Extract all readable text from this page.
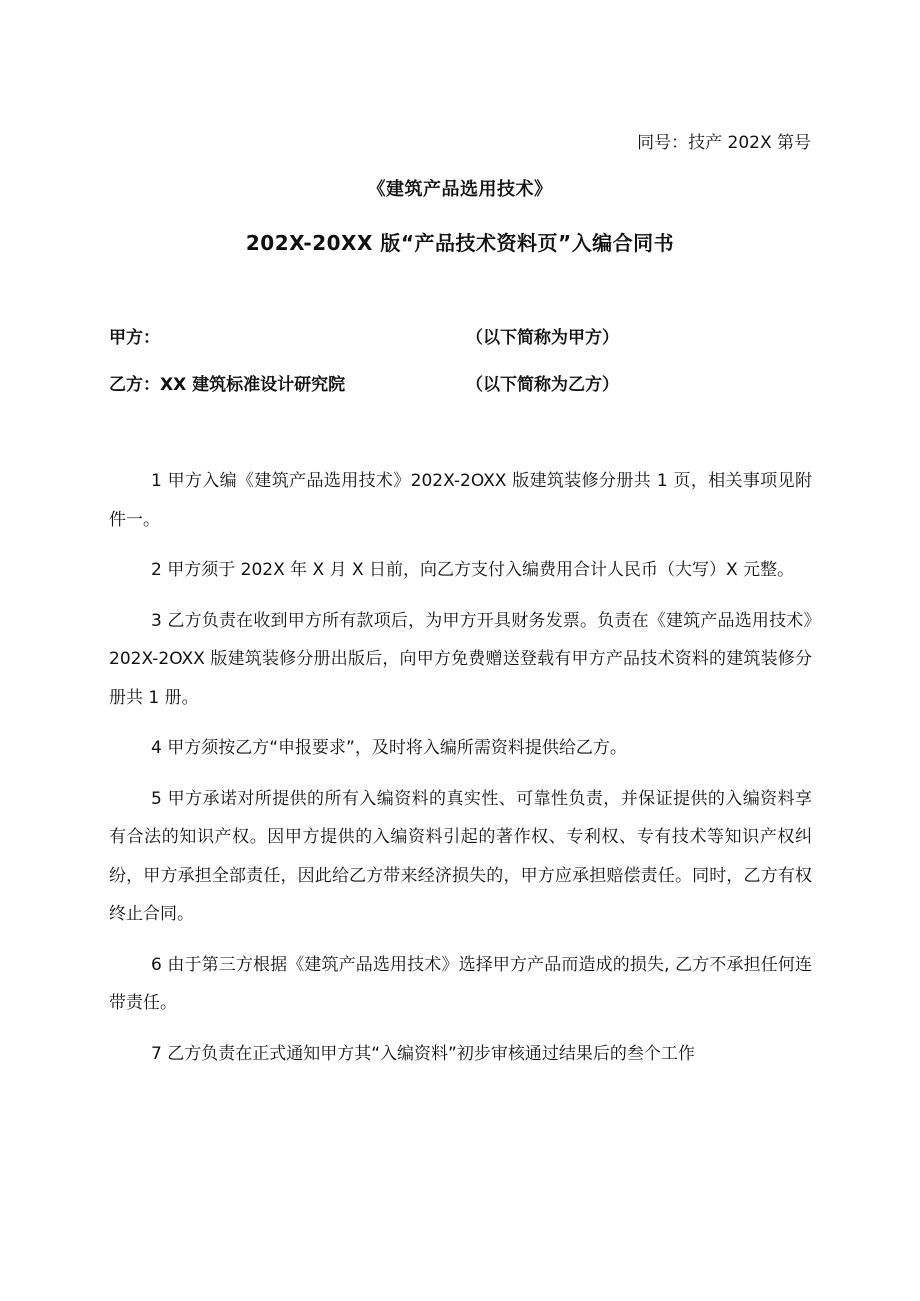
同号：技产 202X 第号
《建筑产品选用技术》
202X-20XX 版“产品技术资料页”入编合同书
甲方：	（以下简称为甲方）
乙方：XX 建筑标准设计研究院	（以下简称为乙方）

1 甲方入编《建筑产品选用技术》202X-2OXX 版建筑装修分册共 1 页，相关事项见附件一。

2 甲方须于 202X 年 X 月 X 日前，向乙方支付入编费用合计人民币（大写）X 元整。

3 乙方负责在收到甲方所有款项后，为甲方开具财务发票。负责在《建筑产品选用技术》202X-2OXX 版建筑装修分册出版后，向甲方免费赠送登载有甲方产品技术资料的建筑装修分册共 1 册。

4 甲方须按乙方“申报要求”，及时将入编所需资料提供给乙方。

5 甲方承诺对所提供的所有入编资料的真实性、可靠性负责，并保证提供的入编资料享有合法的知识产权。因甲方提供的入编资料引起的著作权、专利权、专有技术等知识产权纠纷，甲方承担全部责任，因此给乙方带来经济损失的，甲方应承担赔偿责任。同时，乙方有权终止合同。

6 由于第三方根据《建筑产品选用技术》选择甲方产品而造成的损失, 乙方不承担任何连带责任。

7 乙方负责在正式通知甲方其“入编资料”初步审核通过结果后的叁个工作
